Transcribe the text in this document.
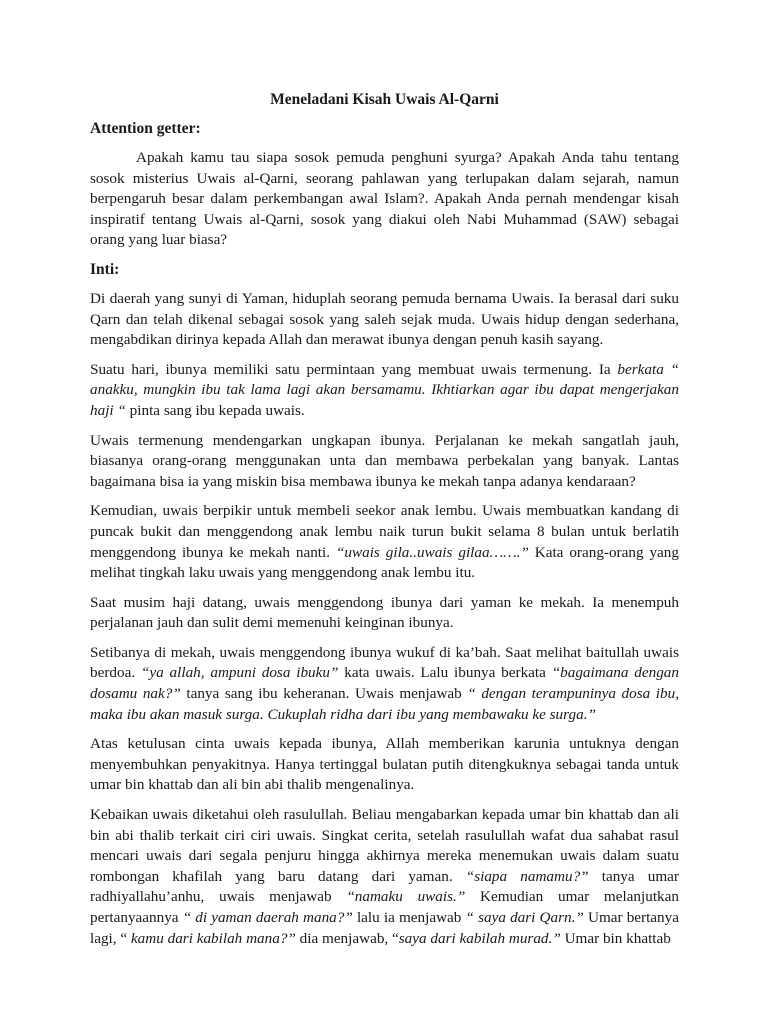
Meneladani Kisah Uwais Al-Qarni
Attention getter:

Apakah kamu tau siapa sosok pemuda penghuni syurga? Apakah Anda tahu tentang sosok misterius Uwais al-Qarni, seorang pahlawan yang terlupakan dalam sejarah, namun berpengaruh besar dalam perkembangan awal Islam?. Apakah Anda pernah mendengar kisah inspiratif tentang Uwais al-Qarni, sosok yang diakui oleh Nabi Muhammad (SAW) sebagai orang yang luar biasa?

Inti:

Di daerah yang sunyi di Yaman, hiduplah seorang pemuda bernama Uwais. Ia berasal dari suku Qarn dan telah dikenal sebagai sosok yang saleh sejak muda. Uwais hidup dengan sederhana, mengabdikan dirinya kepada Allah dan merawat ibunya dengan penuh kasih sayang.

Suatu hari, ibunya memiliki satu permintaan yang membuat uwais termenung. Ia berkata “ anakku, mungkin ibu tak lama lagi akan bersamamu. Ikhtiarkan agar ibu dapat mengerjakan haji “ pinta sang ibu kepada uwais.

Uwais termenung mendengarkan ungkapan ibunya. Perjalanan ke mekah sangatlah jauh, biasanya orang-orang menggunakan unta dan membawa perbekalan yang banyak. Lantas bagaimana bisa ia yang miskin bisa membawa ibunya ke mekah tanpa adanya kendaraan?

Kemudian, uwais berpikir untuk membeli seekor anak lembu. Uwais membuatkan kandang di puncak bukit dan menggendong anak lembu naik turun bukit selama 8 bulan untuk berlatih menggendong ibunya ke mekah nanti. “uwais gila..uwais gilaa…….” Kata orang-orang yang melihat tingkah laku uwais yang menggendong anak lembu itu.

Saat musim haji datang, uwais menggendong ibunya dari yaman ke mekah. Ia menempuh perjalanan jauh dan sulit demi memenuhi keinginan ibunya.

Setibanya di mekah, uwais menggendong ibunya wukuf di ka’bah. Saat melihat baitullah uwais berdoa. “ya allah, ampuni dosa ibuku” kata uwais. Lalu ibunya berkata “bagaimana dengan dosamu nak?” tanya sang ibu keheranan. Uwais menjawab “ dengan terampuninya dosa ibu, maka ibu akan masuk surga. Cukuplah ridha dari ibu yang membawaku ke surga.”

Atas ketulusan cinta uwais kepada ibunya, Allah memberikan karunia untuknya dengan menyembuhkan penyakitnya. Hanya tertinggal bulatan putih ditengkuknya sebagai tanda untuk umar bin khattab dan ali bin abi thalib mengenalinya.

Kebaikan uwais diketahui oleh rasulullah. Beliau mengabarkan kepada umar bin khattab dan ali bin abi thalib terkait ciri ciri uwais. Singkat cerita, setelah rasulullah wafat dua sahabat rasul mencari uwais dari segala penjuru hingga akhirnya mereka menemukan uwais dalam suatu rombongan khafilah yang baru datang dari yaman. “siapa namamu?” tanya umar radhiyallahu’anhu, uwais menjawab “namaku uwais.” Kemudian umar melanjutkan pertanyaannya “ di yaman daerah mana?” lalu ia menjawab “ saya dari Qarn.” Umar bertanya lagi, “ kamu dari kabilah mana?” dia menjawab, “saya dari kabilah murad.” Umar bin khattab
